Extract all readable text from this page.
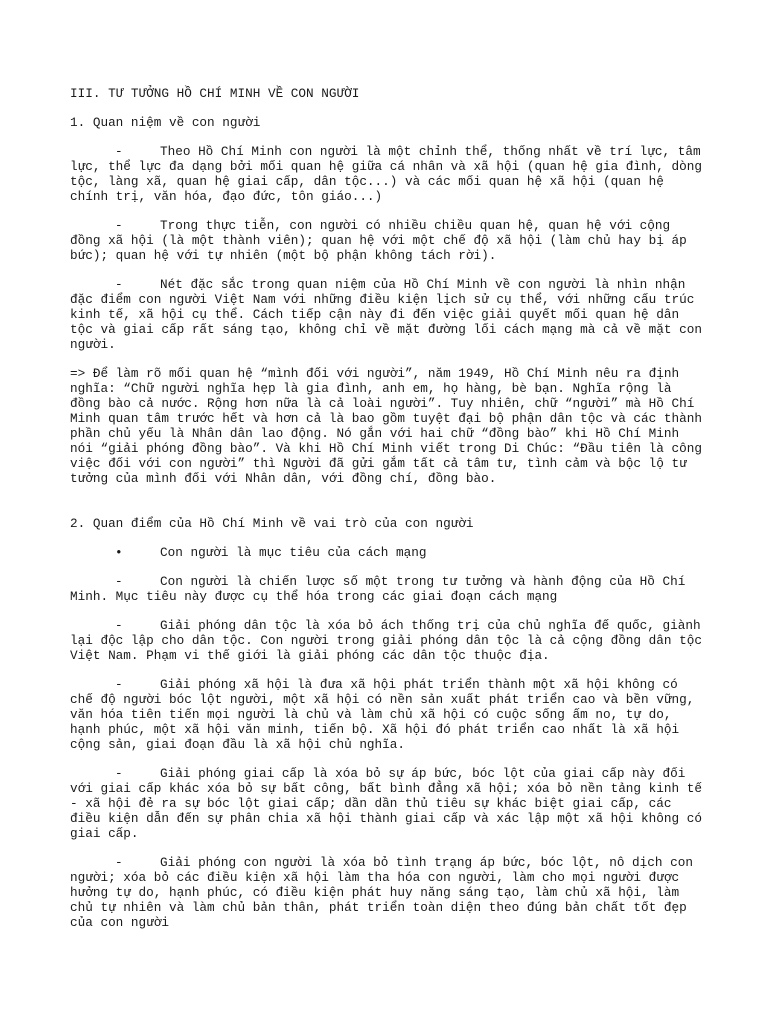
III. TƯ TƯỞNG HỒ CHÍ MINH VỀ CON NGƯỜI

1. Quan niệm về con người

-	Theo Hồ Chí Minh con người là một chỉnh thể, thống nhất về trí lực, tâm lực, thể lực đa dạng bởi mối quan hệ giữa cá nhân và xã hội (quan hệ gia đình, dòng tộc, làng xã, quan hệ giai cấp, dân tộc...) và các mối quan hệ xã hội (quan hệ chính trị, văn hóa, đạo đức, tôn giáo...)

-	Trong thực tiễn, con người có nhiều chiều quan hệ, quan hệ với cộng đồng xã hội (là một thành viên); quan hệ với một chế độ xã hội (làm chủ hay bị áp bức); quan hệ với tự nhiên (một bộ phận không tách rời).

-	Nét đặc sắc trong quan niệm của Hồ Chí Minh về con người là nhìn nhận đặc điểm con người Việt Nam với những điều kiện lịch sử cụ thể, với những cấu trúc kinh tế, xã hội cụ thể. Cách tiếp cận này đi đến việc giải quyết mối quan hệ dân tộc và giai cấp rất sáng tạo, không chỉ về mặt đường lối cách mạng mà cả về mặt con người.

=> Để làm rõ mối quan hệ “mình đối với người”, năm 1949, Hồ Chí Minh nêu ra định nghĩa: “Chữ người nghĩa hẹp là gia đình, anh em, họ hàng, bè bạn. Nghĩa rộng là đồng bào cả nước. Rộng hơn nữa là cả loài người”. Tuy nhiên, chữ “người” mà Hồ Chí Minh quan tâm trước hết và hơn cả là bao gồm tuyệt đại bộ phận dân tộc và các thành phần chủ yếu là Nhân dân lao động. Nó gắn với hai chữ “đồng bào” khi Hồ Chí Minh nói “giải phóng đồng bào”. Và khi Hồ Chí Minh viết trong Di Chúc: “Đầu tiên là công việc đối với con người” thì Người đã gửi gắm tất cả tâm tư, tình cảm và bộc lộ tư tưởng của mình đối với Nhân dân, với đồng chí, đồng bào.

2. Quan điểm của Hồ Chí Minh về vai trò của con người

•	Con người là mục tiêu của cách mạng

-	Con người là chiến lược số một trong tư tưởng và hành động của Hồ Chí Minh. Mục tiêu này được cụ thể hóa trong các giai đoạn cách mạng

-	Giải phóng dân tộc là xóa bỏ ách thống trị của chủ nghĩa đế quốc, giành lại độc lập cho dân tộc. Con người trong giải phóng dân tộc là cả cộng đồng dân tộc Việt Nam. Phạm vi thế giới là giải phóng các dân tộc thuộc địa.

-	Giải phóng xã hội là đưa xã hội phát triển thành một xã hội không có chế độ người bóc lột người, một xã hội có nền sản xuất phát triển cao và bền vững, văn hóa tiên tiến mọi người là chủ và làm chủ xã hội có cuộc sống ấm no, tự do, hạnh phúc, một xã hội văn minh, tiến bộ. Xã hội đó phát triển cao nhất là xã hội cộng sản, giai đoạn đầu là xã hội chủ nghĩa.

-	Giải phóng giai cấp là xóa bỏ sự áp bức, bóc lột của giai cấp này đối với giai cấp khác xóa bỏ sự bất công, bất bình đẳng xã hội; xóa bỏ nền tảng kinh tế - xã hội đẻ ra sự bóc lột giai cấp; dần dần thủ tiêu sự khác biệt giai cấp, các điều kiện dẫn đến sự phân chia xã hội thành giai cấp và xác lập một xã hội không có giai cấp.

-	Giải phóng con người là xóa bỏ tình trạng áp bức, bóc lột, nô dịch con người; xóa bỏ các điều kiện xã hội làm tha hóa con người, làm cho mọi người được hưởng tự do, hạnh phúc, có điều kiện phát huy năng sáng tạo, làm chủ xã hội, làm chủ tự nhiên và làm chủ bản thân, phát triển toàn diện theo đúng bản chất tốt đẹp của con người
